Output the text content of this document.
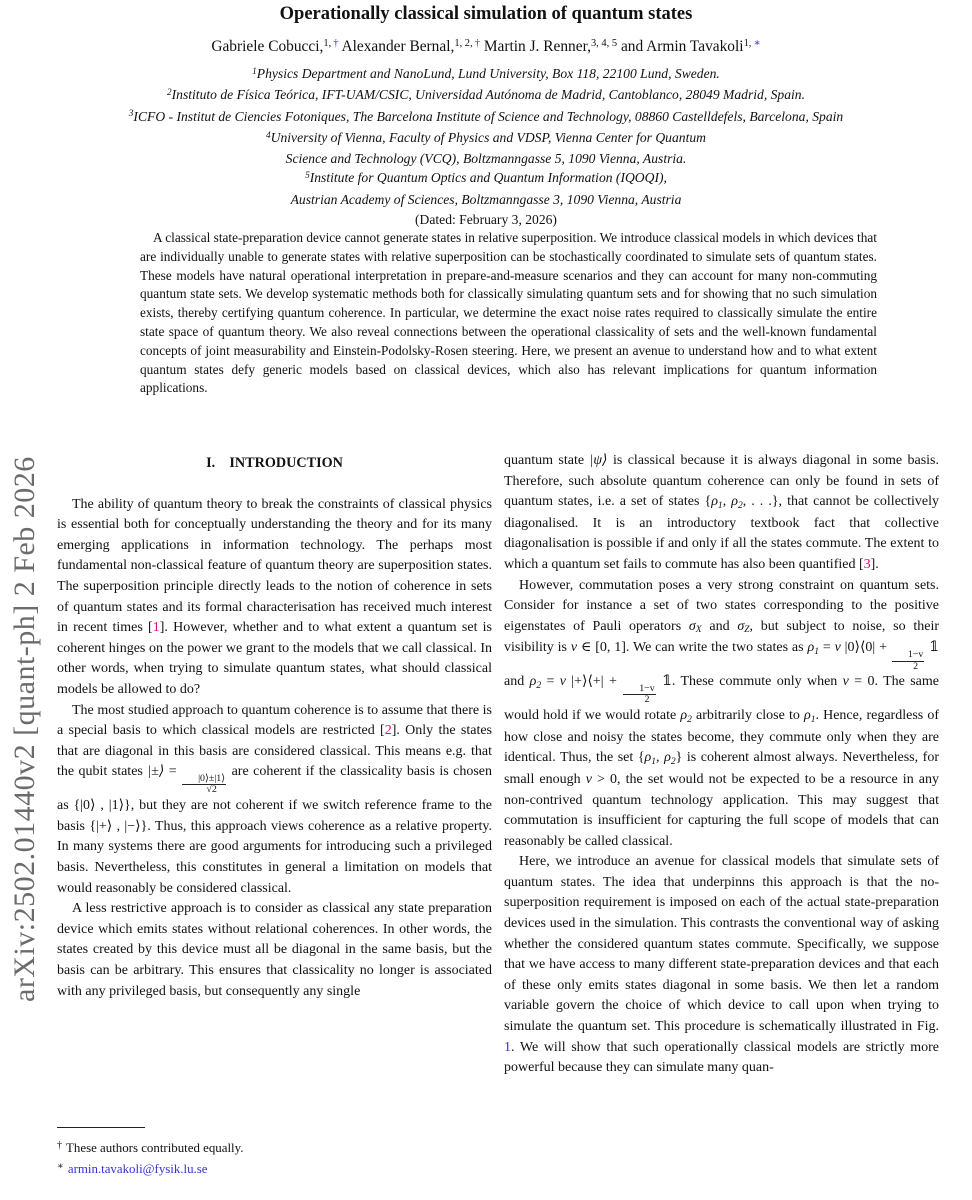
arXiv:2502.01440v2 [quant-ph] 2 Feb 2026
Operationally classical simulation of quantum states
Gabriele Cobucci,$^{1,}$ † Alexander Bernal,$^{1, 2,}$ † Martin J. Renner,$^{3, 4, 5}$ and Armin Tavakoli$^{1,}$ ∗
$^1$Physics Department and NanoLund, Lund University, Box 118, 22100 Lund, Sweden.
$^2$Instituto de Física Teórica, IFT-UAM/CSIC, Universidad Autónoma de Madrid, Cantoblanco, 28049 Madrid, Spain.
$^3$ICFO - Institut de Ciencies Fotoniques, The Barcelona Institute of Science and Technology, 08860 Castelldefels, Barcelona, Spain
$^4$University of Vienna, Faculty of Physics and VDSP, Vienna Center for Quantum
Science and Technology (VCQ), Boltzmanngasse 5, 1090 Vienna, Austria.
$^5$Institute for Quantum Optics and Quantum Information (IQOQI),
Austrian Academy of Sciences, Boltzmanngasse 3, 1090 Vienna, Austria
(Dated: February 3, 2026)
A classical state-preparation device cannot generate states in relative superposition. We introduce classical models in which devices that are individually unable to generate states with relative superposition can be stochastically coordinated to simulate sets of quantum states. These models have natural operational interpretation in prepare-and-measure scenarios and they can account for many non-commuting quantum state sets. We develop systematic methods both for classically simulating quantum sets and for showing that no such simulation exists, thereby certifying quantum coherence. In particular, we determine the exact noise rates required to classically simulate the entire state space of quantum theory. We also reveal connections between the operational classicality of sets and the well-known fundamental concepts of joint measurability and Einstein-Podolsky-Rosen steering. Here, we present an avenue to understand how and to what extent quantum states defy generic models based on classical devices, which also has relevant implications for quantum information applications.
I. INTRODUCTION

The ability of quantum theory to break the constraints of classical physics is essential both for conceptually understanding the theory and for its many emerging applications in information technology. The perhaps most fundamental non-classical feature of quantum theory are superposition states. The superposition principle directly leads to the notion of coherence in sets of quantum states and its formal characterisation has received much interest in recent times [1]. However, whether and to what extent a quantum set is coherent hinges on the power we grant to the models that we call classical. In other words, when trying to simulate quantum states, what should classical models be allowed to do?

The most studied approach to quantum coherence is to assume that there is a special basis to which classical models are restricted [2]. Only the states that are diagonal in this basis are considered classical. This means e.g. that the qubit states |±⟩ =
$\frac{|0⟩\pm|1⟩}{√2}$
are coherent if the classicality basis is chosen as {|0⟩ , |1⟩}, but they are not coherent if we switch reference frame to the basis {|+⟩ , |−⟩}. Thus, this approach views coherence as a relative property. In many systems there are good arguments for introducing such a privileged basis. Nevertheless, this constitutes in general a limitation on models that would reasonably be considered classical.

A less restrictive approach is to consider as classical any state preparation device which emits states without relational coherences. In other words, the states created by this device must all be diagonal in the same basis, but the basis can be arbitrary. This ensures that classicality no longer is associated with any privileged basis, but consequently any single

quantum state |ψ⟩ is classical because it is always diagonal in some basis. Therefore, such absolute quantum coherence can only be found in sets of quantum states, i.e. a set of states {ρ1, ρ2, . . .}, that cannot be collectively diagonalised. It is an introductory textbook fact that collective diagonalisation is possible if and only if all the states commute. The extent to which a quantum set fails to commute has also been quantified [3].

However, commutation poses a very strong constraint on quantum sets. Consider for instance a set of two states corresponding to the positive eigenstates of Pauli operators σX and σZ, but subject to noise, so their visibility is v ∈ [0, 1]. We can write the two states as ρ1 = v |0⟩⟨0| +
$\frac{1-v}{2}$
𝟙 and ρ2 = v |+⟩⟨+| +
$\frac{1-v}{2}$
𝟙. These commute only when v = 0. The same would hold if we would rotate ρ2 arbitrarily close to ρ1. Hence, regardless of how close and noisy the states become, they commute only when they are identical. Thus, the set {ρ1, ρ2} is coherent almost always. Nevertheless, for small enough v > 0, the set would not be expected to be a resource in any non-contrived quantum technology application. This may suggest that commutation is insufficient for capturing the full scope of models that can reasonably be called classical.

Here, we introduce an avenue for classical models that simulate sets of quantum states. The idea that underpinns this approach is that the no-superposition requirement is imposed on each of the actual state-preparation devices used in the simulation. This contrasts the conventional way of asking whether the considered quantum states commute. Specifically, we suppose that we have access to many different state-preparation devices and that each of these only emits states diagonal in some basis. We then let a random variable govern the choice of which device to call upon when trying to simulate the quantum set. This procedure is schematically illustrated in Fig. 1. We will show that such operationally classical models are strictly more powerful because they can simulate many quan-

† These authors contributed equally.
∗ armin.tavakoli@fysik.lu.se
